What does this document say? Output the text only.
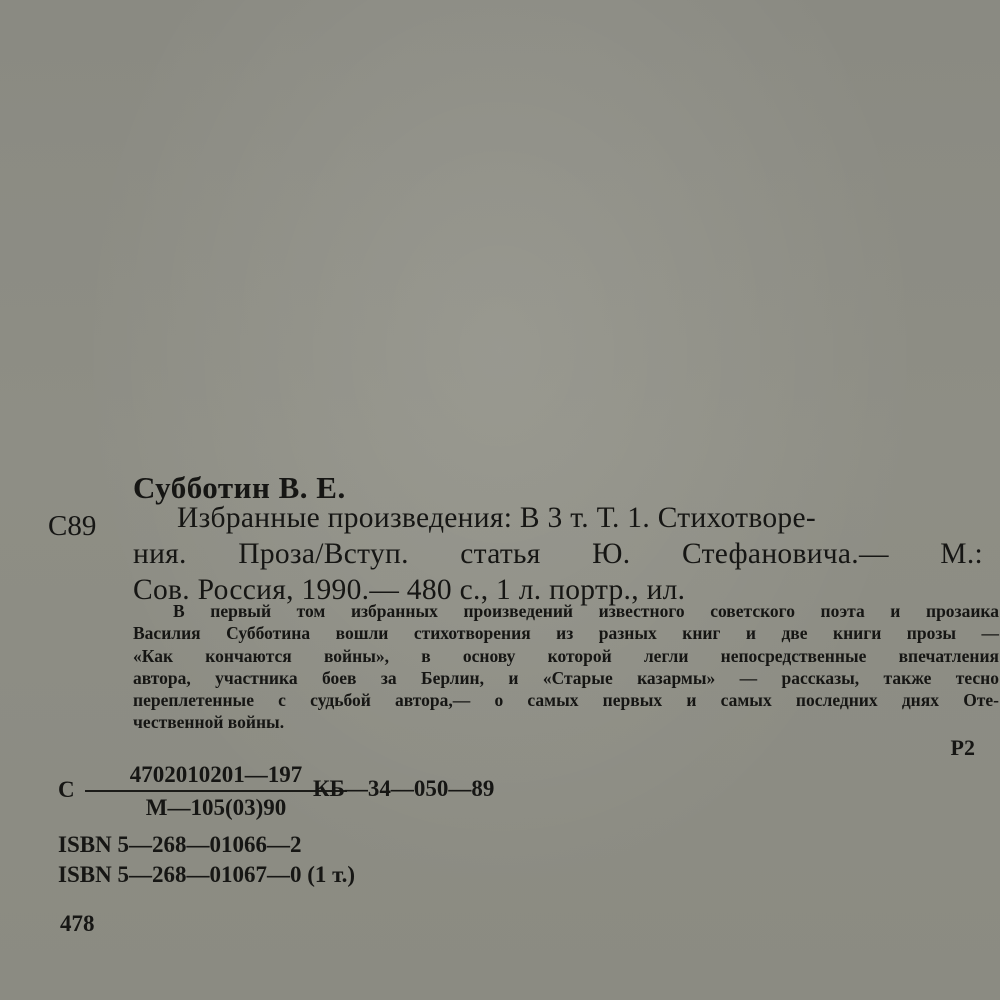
Субботин В. Е.
С89	Избранные произведения: В 3 т. Т. 1. Стихотворе-
ния. Проза/Вступ. статья Ю. Стефановича.— М.:
Сов. Россия, 1990.— 480 с., 1 л. портр., ил.
В первый том избранных произведений известного советского поэта и прозаика
Василия Субботина вошли стихотворения из разных книг и две книги прозы —
«Как кончаются войны», в основу которой легли непосредственные впечатления
автора, участника боев за Берлин, и «Старые казармы» — рассказы, также тесно
переплетенные с судьбой автора,— о самых первых и самых последних днях Оте-
чественной войны.
Р2
С
4702010201—197
М—105(03)90
КБ—34—050—89
ISBN 5—268—01066—2
ISBN 5—268—01067—0 (1 т.)
478
